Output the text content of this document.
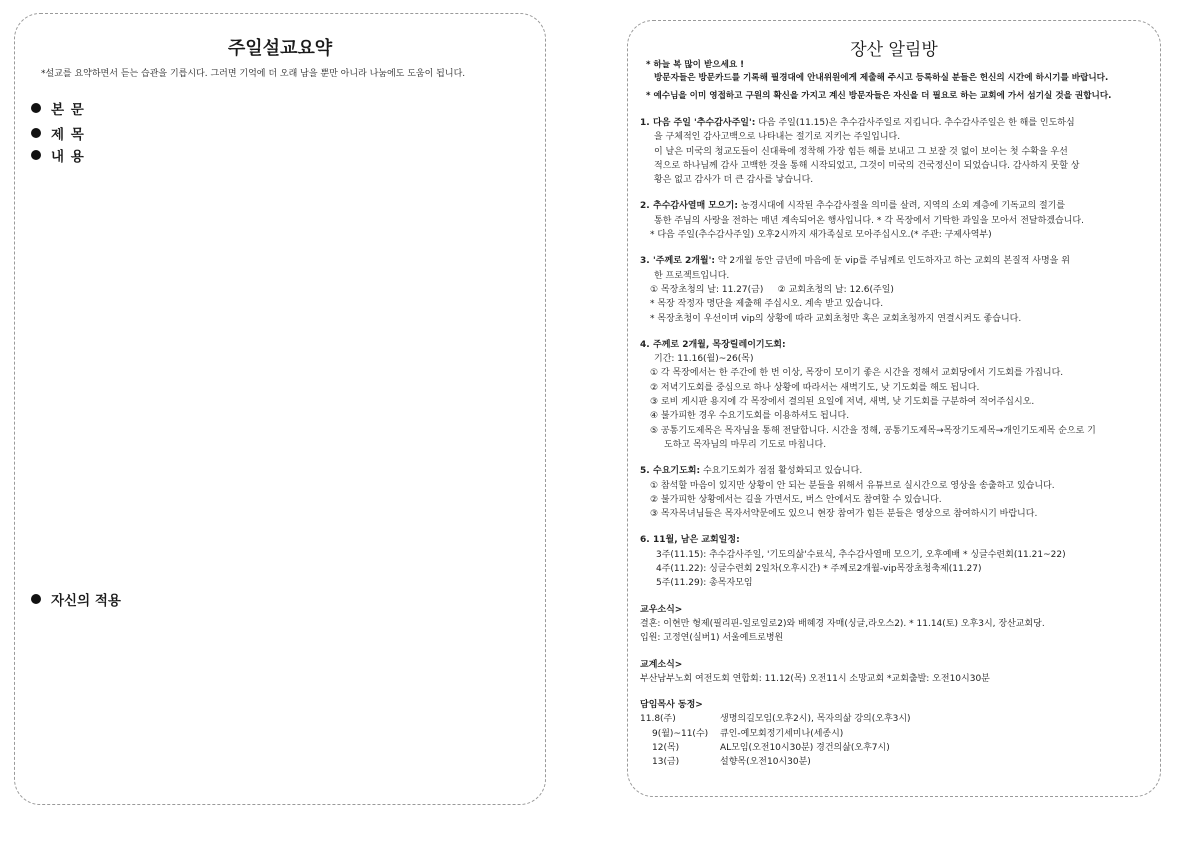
주일설교요약
*설교를 요약하면서 듣는 습관을 기릅시다. 그러면 기억에 더 오래 남을 뿐만 아니라 나눔에도 도움이 됩니다.
본 문
제 목
내 용
자신의 적용
장산 알림방
* 하늘 복 많이 받으세요 !
방문자들은 방문카드를 기록해 필경대에 안내위원에게 제출해 주시고 등록하실 분들은 헌신의 시간에 하시기를 바랍니다.
* 예수님을 이미 영접하고 구원의 확신을 가지고 계신 방문자들은 자신을 더 필요로 하는 교회에 가서 섬기실 것을 권합니다.
1. 다음 주일 '추수감사주일': 다음 주일(11.15)은 추수감사주일로 지킵니다. 추수감사주일은 한 해를 인도하심
을 구체적인 감사고백으로 나타내는 절기로 지키는 주일입니다.
이 날은 미국의 청교도들이 신대륙에 정착해 가장 힘든 해를 보내고 그 보잘 것 없이 보이는 첫 수확을 우선
적으로 하나님께 감사 고백한 것을 통해 시작되었고, 그것이 미국의 건국정신이 되었습니다. 감사하지 못할 상
황은 없고 감사가 더 큰 감사를 낳습니다.
2. 추수감사열매 모으기: 농경시대에 시작된 추수감사절을 의미를 살려, 지역의 소외 계층에 기독교의 절기를
통한 주님의 사랑을 전하는 매년 계속되어온 행사입니다. * 각 목장에서 기탁한 과일을 모아서 전달하겠습니다.
* 다음 주일(추수감사주일) 오후2시까지 새가족실로 모아주십시오.(* 주관: 구제사역부)
3. '주께로 2개월': 약 2개월 동안 금년에 마음에 둔 vip를 주님께로 인도하자고 하는 교회의 본질적 사명을 위
한 프로젝트입니다.
① 목장초청의 날: 11.27(금)     ② 교회초청의 날: 12.6(주일)
* 목장 작정자 명단을 제출해 주십시오. 계속 받고 있습니다.
* 목장초청이 우선이며 vip의 상황에 따라 교회초청만 혹은 교회초청까지 연결시켜도 좋습니다.
4. 주께로 2개월, 목장릴레이기도회:
기간: 11.16(월)~26(목)
① 각 목장에서는 한 주간에 한 번 이상, 목장이 모이기 좋은 시간을 정해서 교회당에서 기도회를 가집니다.
② 저녁기도회를 중심으로 하나 상황에 따라서는 새벽기도, 낮 기도회를 해도 됩니다.
③ 로비 게시판 용지에 각 목장에서 결의된 요일에 저녁, 새벽, 낮 기도회를 구분하여 적어주십시오.
④ 불가피한 경우 수요기도회를 이용하셔도 됩니다.
⑤ 공통기도제목은 목자님을 통해 전달합니다. 시간을 정해, 공통기도제목→목장기도제목→개인기도제목 순으로 기
도하고 목자님의 마무리 기도로 마칩니다.
5. 수요기도회: 수요기도회가 점점 활성화되고 있습니다.
① 참석할 마음이 있지만 상황이 안 되는 분들을 위해서 유튜브로 실시간으로 영상을 송출하고 있습니다.
② 불가피한 상황에서는 길을 가면서도, 버스 안에서도 참여할 수 있습니다.
③ 목자목녀님들은 목자서약문에도 있으니 현장 참여가 힘든 분들은 영상으로 참여하시기 바랍니다.
6. 11월, 남은 교회일정:
3주(11.15): 추수감사주일, '기도의삶'수료식, 추수감사열매 모으기, 오후예배 * 싱글수련회(11.21~22)
4주(11.22): 싱글수련회 2일차(오후시간) * 주께로2개월-vip목장초청축제(11.27)
5주(11.29): 총목자모임
교우소식>
결혼: 이현만 형제(필리핀-일로일로2)와 배혜경 자매(싱글,라오스2). * 11.14(토) 오후3시, 장산교회당.
입원: 고정연(실버1) 서울예트로병원
교계소식>
부산남부노회 여전도회 연합회: 11.12(목) 오전11시 소망교회 *교회출발: 오전10시30분
담임목사 동정>
11.8(주)	생명의길모임(오후2시), 목자의삶 강의(오후3시)
9(월)~11(수) 큐인-예모회정기세미나(세종시)
12(목)	AL모임(오전10시30분) 경건의삶(오후7시)
13(금)	설향목(오전10시30분)
